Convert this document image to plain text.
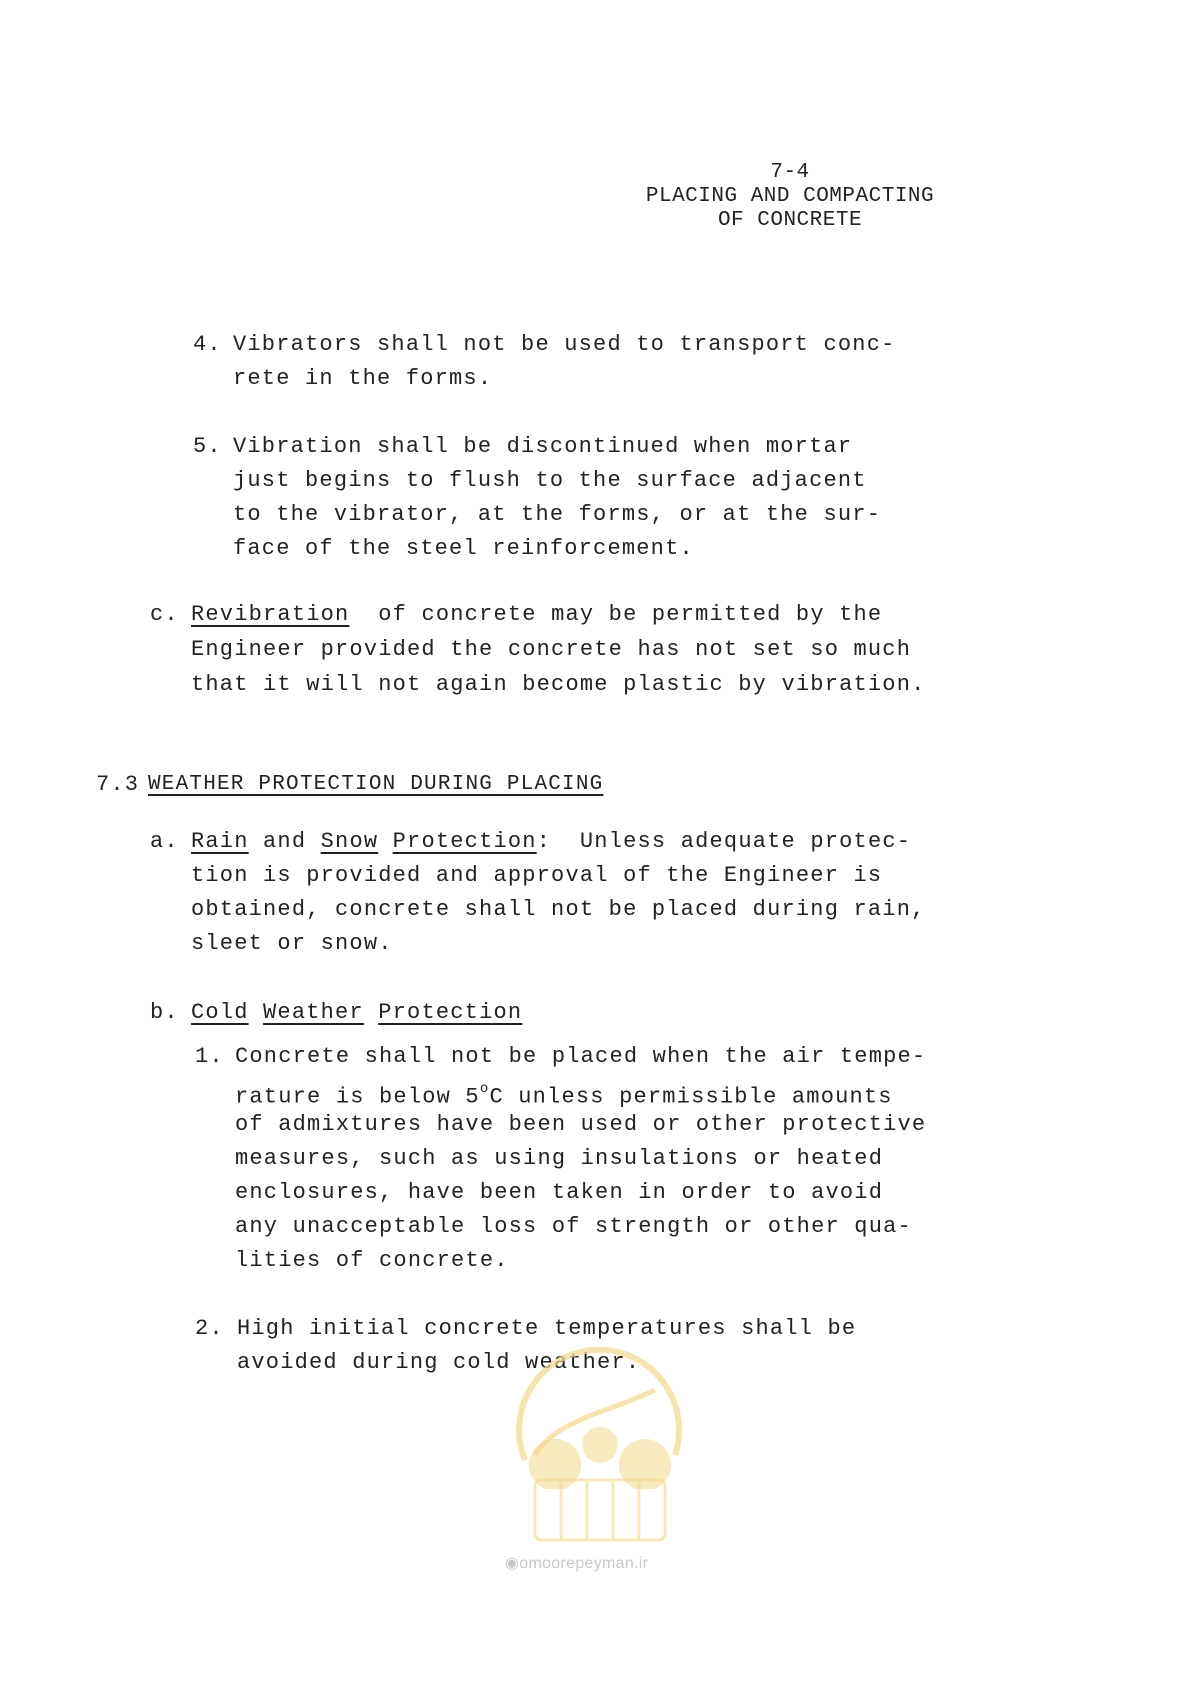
7-4
PLACING AND COMPACTING
OF CONCRETE
4. Vibrators shall not be used to transport conc-
rete in the forms.
5. Vibration shall be discontinued when mortar
just begins to flush to the surface adjacent
to the vibrator, at the forms, or at the sur-
face of the steel reinforcement.
c. Revibration of concrete may be permitted by the
Engineer provided the concrete has not set so much
that it will not again become plastic by vibration.
7.3 WEATHER PROTECTION DURING PLACING
a. Rain and Snow Protection: Unless adequate protec-
tion is provided and approval of the Engineer is
obtained, concrete shall not be placed during rain,
sleet or snow.
b. Cold Weather Protection
1. Concrete shall not be placed when the air tempe-
rature is below 5$^o$C unless permissible amounts
of admixtures have been used or other protective
measures, such as using insulations or heated
enclosures, have been taken in order to avoid
any unacceptable loss of strength or other qua-
lities of concrete.
2. High initial concrete temperatures shall be
avoided during cold weather.
◉omoorepeyman.ir
